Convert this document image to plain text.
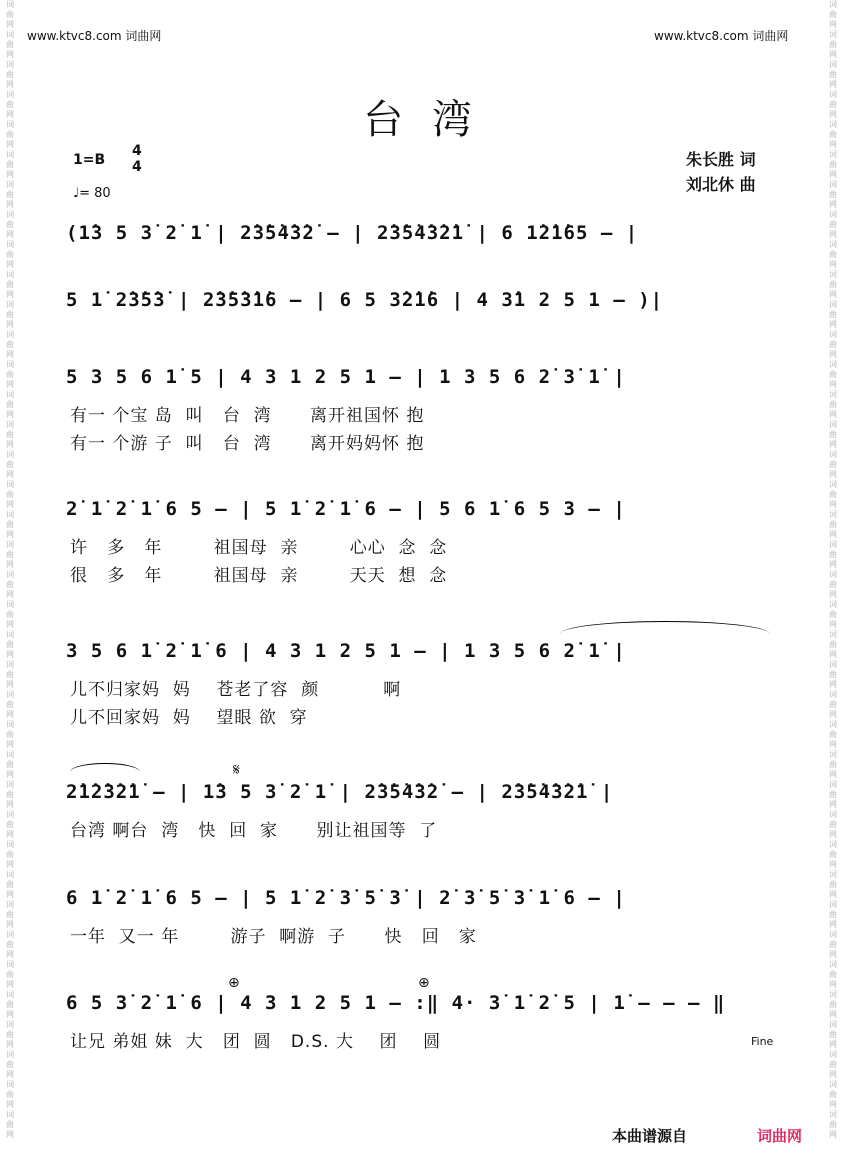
词
曲
网
词
曲
网
词
曲
网
词
曲
网
词
曲
网
词
曲
网
词
曲
网
词
曲
网
词
曲
网
词
曲
网
词
曲
网
词
曲
网
词
曲
网
词
曲
网
词
曲
网
词
曲
网
词
曲
网
词
曲
网
词
曲
网
词
曲
网
词
曲
网
词
曲
网
词
曲
网
词
曲
网
词
曲
网
词
曲
网
词
曲
网
词
曲
网
词
曲
网
词
曲
网
词
曲
网
词
曲
网
词
曲
网
词
曲
网
词
曲
网
词
曲
网
词
曲
网
词
曲
网
词
曲
网
词
曲
网
词
曲
网
词
曲
网
词
曲
网
词
曲
网
词
曲
网
词
曲
网
词
曲
网
词
曲
网
词
曲
网
词
曲
网
词
曲
网
词
曲
网
词
曲
网
词
曲
网
词
曲
网
词
曲
网
词
曲
网
词
曲
网
词
曲
网
词
曲
网
词
曲
网
词
曲
网
词
曲
网
词
曲
网
词
曲
网
词
曲
网
词
曲
网
词
曲
网
词
曲
网
词
曲
网
词
曲
网
词
曲
网
词
曲
网
词
曲
网
词
曲
网
词
曲
网
www.ktvc8.com 词曲网	www.ktvc8.com 词曲网
台 湾
1=B
4
4
♩= 80
朱长胜 词
刘北休 曲
(1̇3 5 3̇ 2̇ 1̇ | 2̇3̇5̇4̇3̇2̇ – | 2̇3̇5̇4̇3̇2̇1̇ | 6 1̇2̇1̇65 – |
5 1̇ 2̇3̇5̇3̇ | 2̇3̇5̇3̇1̇6 – | 6 5 3̇2̇1̇6 | 4 3̇1 2 5 1 – )|
5 3 5 6 1̇ 5 | 4 3 1 2 5 1 – | 1 3 5 6 2̇ 3̇ 1̇ |
有一 个宝 岛  叫   台  湾      离开祖国怀 抱
有一 个游 子  叫   台  湾      离开妈妈怀 抱
2̇ 1̇ 2̇ 1̇ 6 5 – | 5 1̇ 2̇ 1̇ 6 – | 5 6 1̇ 6 5 3 – |
许   多   年        祖国母  亲        心心  念  念
很   多   年        祖国母  亲        天天  想  念
3 5 6 1̇ 2̇ 1̇ 6 | 4 3 1 2 5 1 – | 1 3 5 6 2̇ 1̇ |
儿不归家妈  妈    苍老了容  颜          啊
儿不回家妈  妈    望眼 欲  穿
2̇1̇2̇3̇2̇1̇ – | 1̇3 5 3̇ 2̇ 1̇ | 2̇3̇5̇4̇3̇2̇ – | 2̇3̇5̇4̇3̇2̇1̇ |
台湾 啊台  湾   快  回  家      别让祖国等  了
6 1̇ 2̇ 1̇ 6 5 – | 5 1̇ 2̇ 3̇ 5̇ 3̇ | 2̇ 3̇ 5̇ 3̇ 1̇ 6 – |
一年  又一 年        游子  啊游  子      快   回   家
6 5 3̇ 2̇ 1̇ 6 | 4 3 1 2 5 1 – :‖ 4· 3̇ 1̇ 2̇ 5 | 1̇ – – – ‖
让兄 弟姐 妹  大   团  圆   D.S. 大    团    圆
𝄋
⊕	⊕
Fine
本曲谱源自	词曲网
